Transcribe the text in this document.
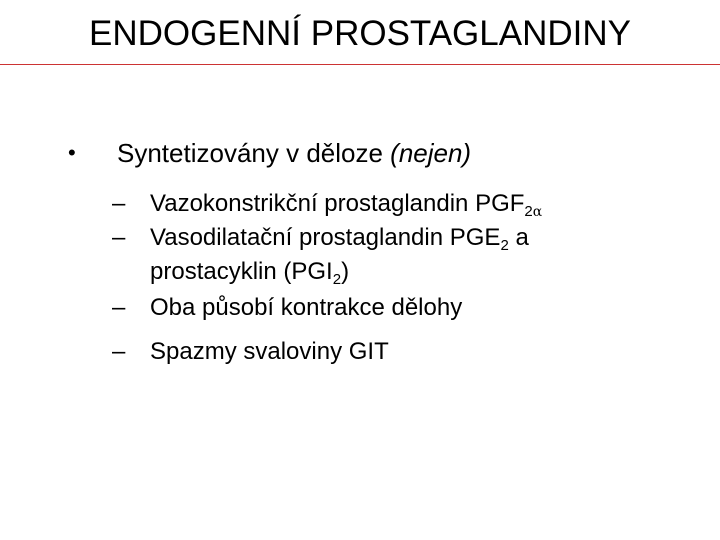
ENDOGENNÍ PROSTAGLANDINY
• Syntetizovány v děloze (nejen)
– Vazokonstrikční prostaglandin $PGF_{2\alpha}$
– Vasodilatační prostaglandin $PGE_2$ a
prostacyklin $(PGI_2)$
– Oba působí kontrakce dělohy
– Spazmy svaloviny GIT
